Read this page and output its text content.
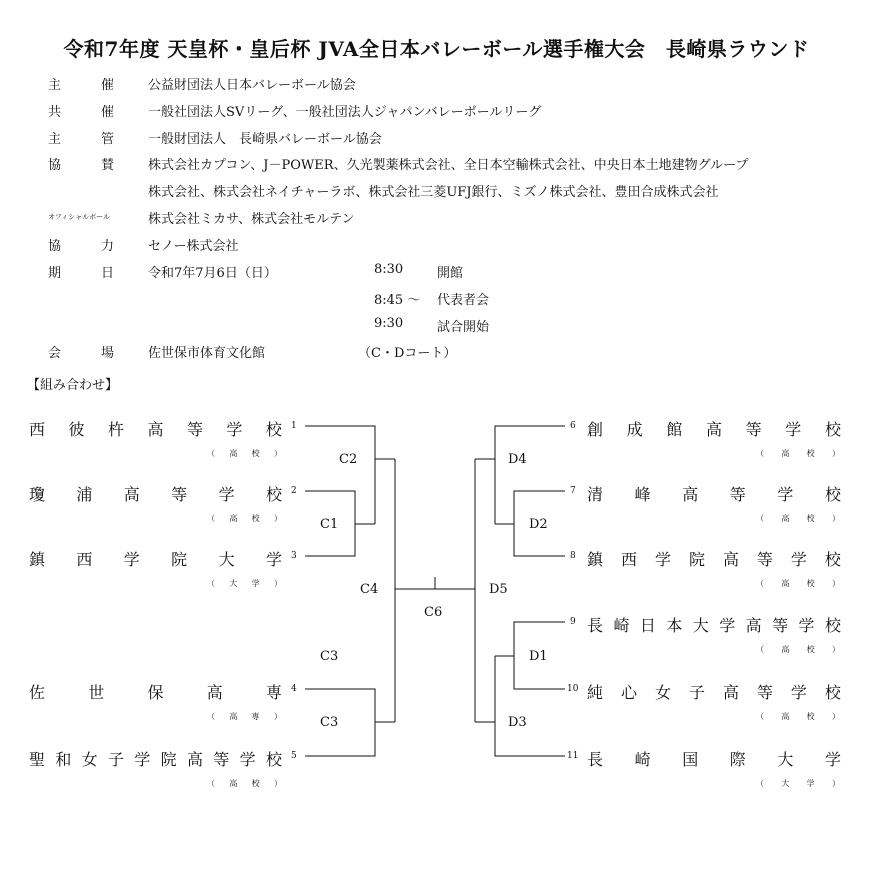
令和7年度 天皇杯・皇后杯 JVA全日本バレーボール選手権大会　長崎県ラウンド
主	催	公益財団法人日本バレーボール協会
共	催	一般社団法人SVリーグ、一般社団法人ジャパンバレーボールリーグ
主	管	一般財団法人　長崎県バレーボール協会
協	賛	株式会社カプコン、J－POWER、久光製薬株式会社、全日本空輸株式会社、中央日本土地建物グループ
株式会社、株式会社ネイチャーラボ、株式会社三菱UFJ銀行、ミズノ株式会社、豊田合成株式会社
オフィシャルボール	株式会社ミカサ、株式会社モルテン
協	力	セノー株式会社
期	日	令和7年7月6日（日）	8:30	開館
8:45 ～ 代表者会
9:30	試合開始
会	場	佐世保市体育文化館	（C・Dコート）
【組み合わせ】
西 彼 杵 高 等 学 校
（ 高 校 ）
1
瓊 浦 高 等 学 校
（ 高 校 ）
2
鎮 西 学 院 大 学
（ 大 学 ）
3
佐	世	保	高	専
（ 高 専 ）
4
聖 和 女 子 学 院 高 等 学 校
（ 高 校 ）
5
6 創 成 館 高 等 学 校
（ 高 校 ）
7 清 峰 高 等 学 校
（ 高 校 ）
8 鎮 西 学 院 高 等 学 校
（ 高 校 ）
9 長 崎 日 本 大 学 高 等 学 校
（ 高 校 ）
10 純 心 女 子 高 等 学 校
（ 高 校 ）
11 長 崎 国 際 大 学
（ 大 学 ）
C2
C1
C4
C6
C3
C3
D4
D2
D5
D1
D3
